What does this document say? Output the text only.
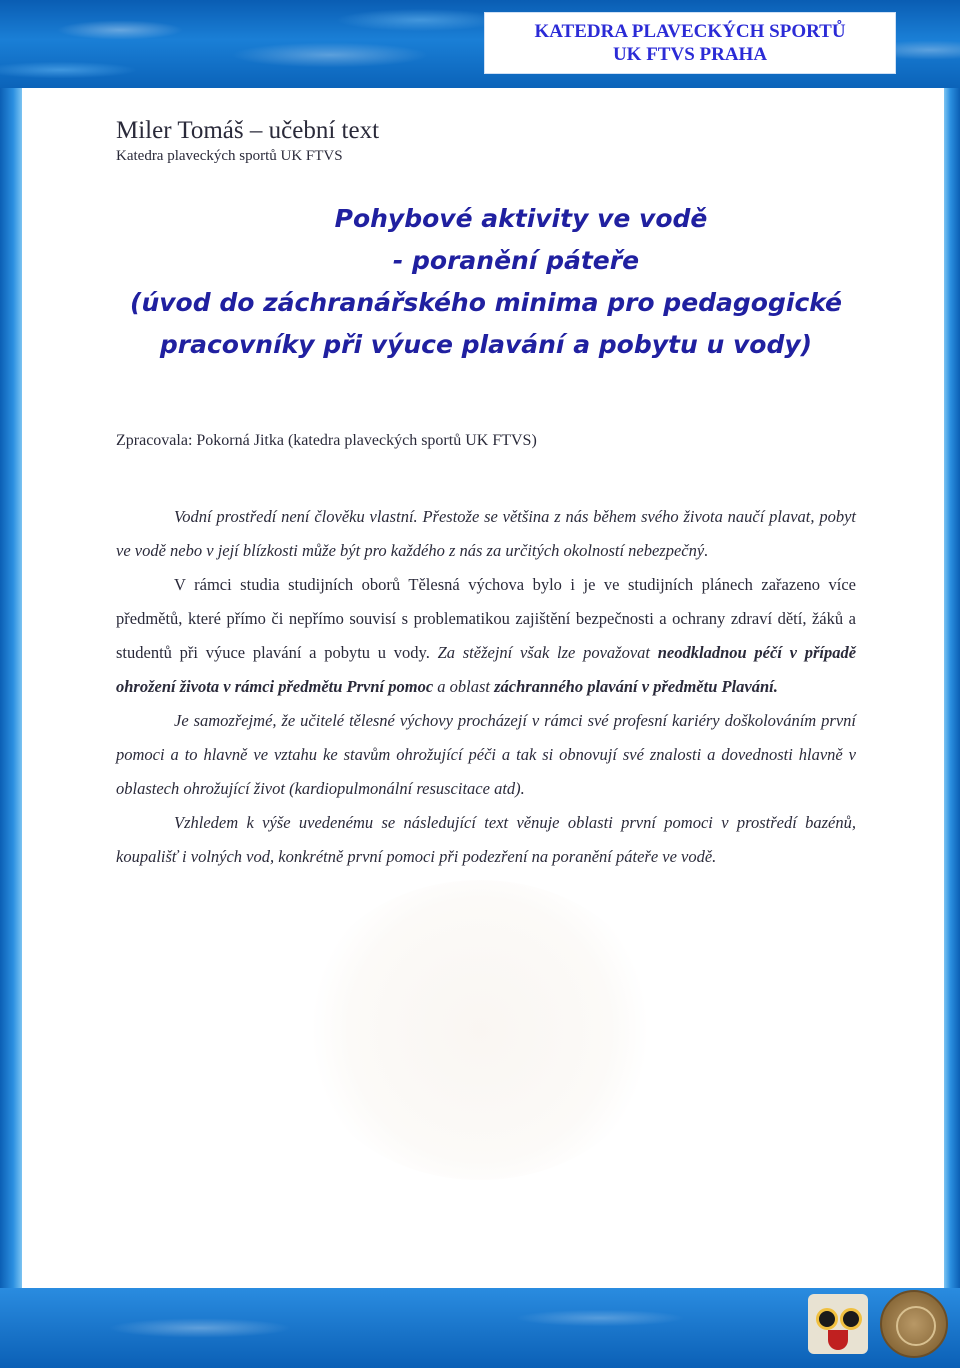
KATEDRA PLAVECKÝCH SPORTŮ
UK FTVS PRAHA

Miler Tomáš – učební text

Katedra plaveckých sportů UK FTVS

Pohybové aktivity ve vodě
- poranění páteře
(úvod do záchranářského minima pro pedagogické
pracovníky při výuce plavání a pobytu u vody)
Zpracovala: Pokorná Jitka (katedra plaveckých sportů UK FTVS)

Vodní prostředí není člověku vlastní. Přestože se většina z nás během svého života naučí plavat, pobyt ve vodě nebo v její blízkosti může být pro každého z nás za určitých okolností nebezpečný.

V rámci studia studijních oborů Tělesná výchova bylo i je ve studijních plánech zařazeno více předmětů, které přímo či nepřímo souvisí s problematikou zajištění bezpečnosti a ochrany zdraví dětí, žáků a studentů při výuce plavání a pobytu u vody. Za stěžejní však lze považovat neodkladnou péčí v případě ohrožení života v rámci předmětu První pomoc a oblast záchranného plavání v předmětu Plavání.

Je samozřejmé, že učitelé tělesné výchovy procházejí v rámci své profesní kariéry doškolováním první pomoci a to hlavně ve vztahu ke stavům ohrožující péči a tak si obnovují své znalosti a dovednosti hlavně v oblastech ohrožující život (kardiopulmonální resuscitace atd).

Vzhledem k výše uvedenému se následující text věnuje oblasti první pomoci v prostředí bazénů, koupališť i volných vod, konkrétně první pomoci při podezření na poranění páteře ve vodě.
